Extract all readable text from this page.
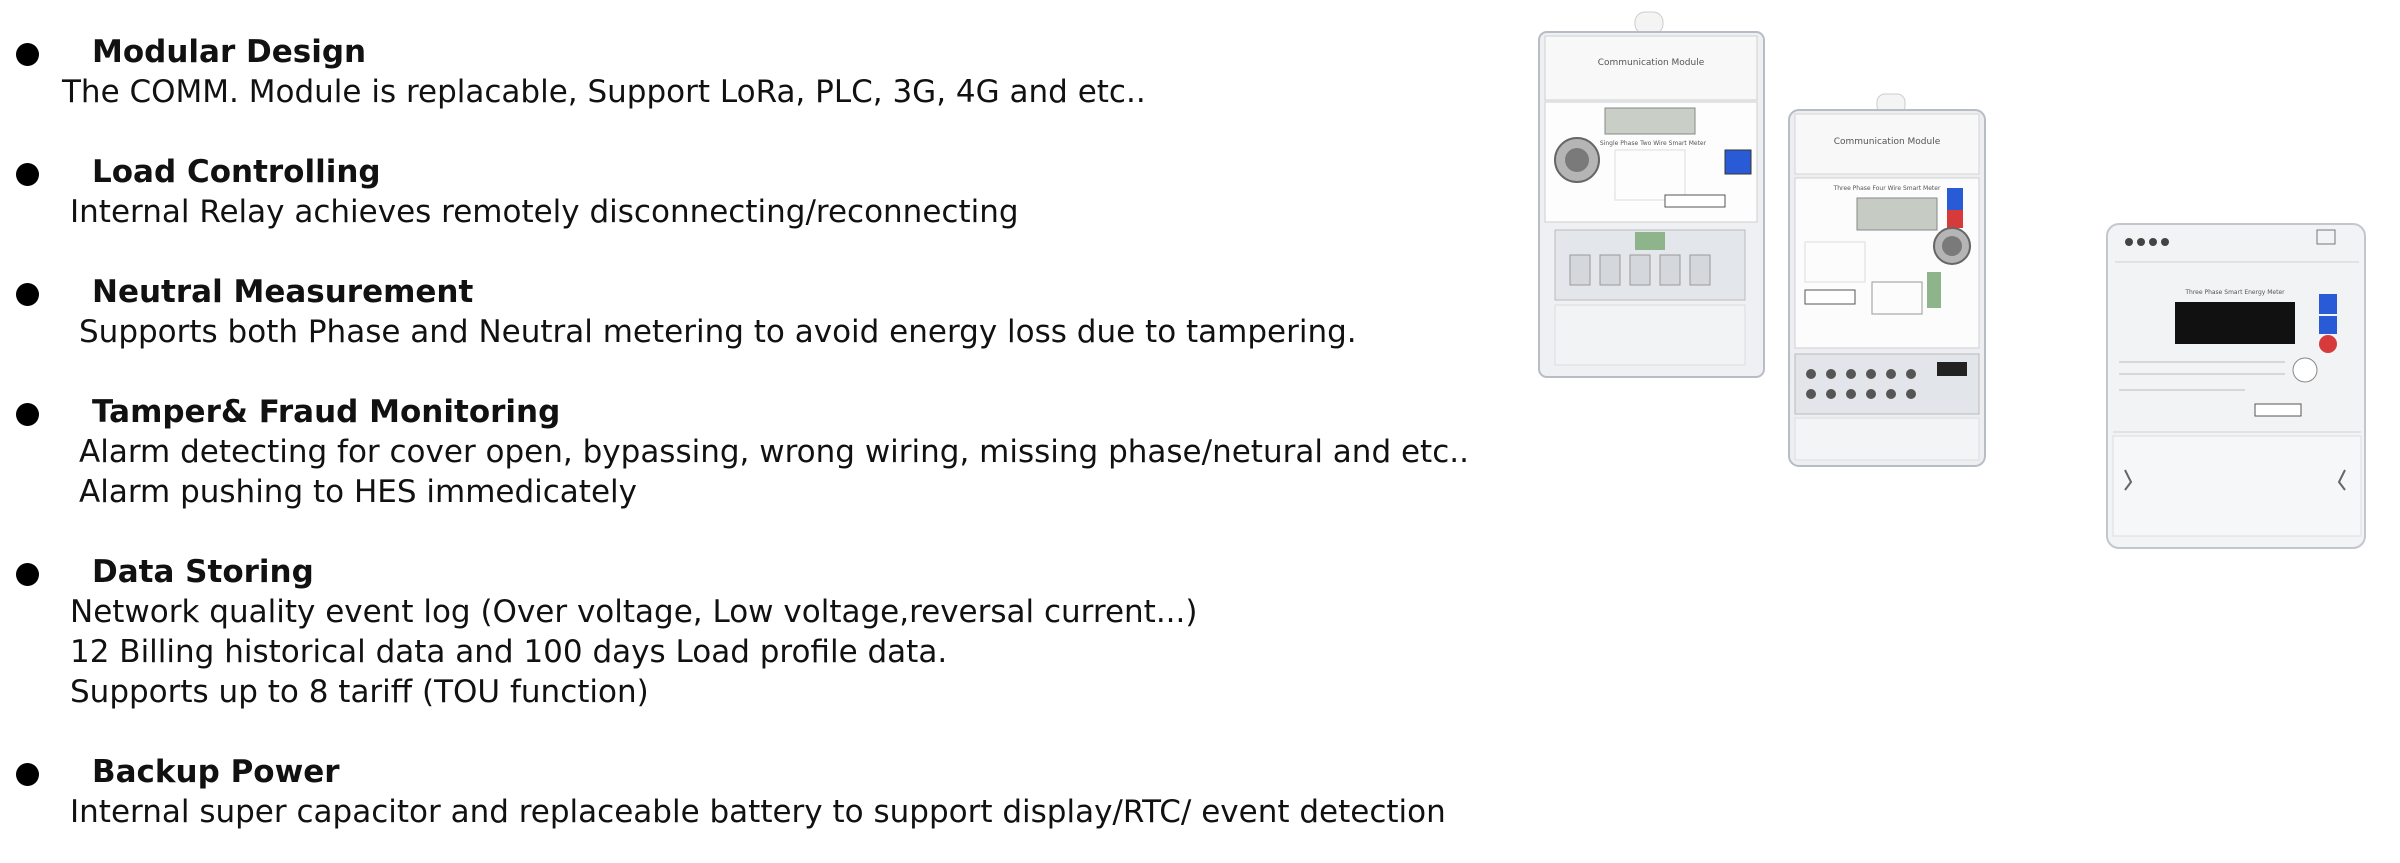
Modular Design
The COMM. Module is replacable, Support LoRa, PLC, 3G, 4G and etc..
Load Controlling
Internal Relay achieves remotely disconnecting/reconnecting
Neutral Measurement
Supports both Phase and Neutral metering to avoid energy loss due to tampering.
Tamper& Fraud Monitoring
Alarm detecting for cover open, bypassing, wrong wiring, missing phase/netural and etc..
Alarm pushing to HES immedicately
Data Storing
Network quality event log (Over voltage, Low voltage,reversal current...)
12 Billing historical data and 100 days Load profile data.
Supports up to 8 tariff (TOU function)
Backup Power
Internal super capacitor and replaceable battery to support display/RTC/ event detection
Communication Module
Single Phase Two Wire Smart Meter	Communication Module
Three Phase Four Wire Smart Meter
Three Phase Smart Energy Meter
